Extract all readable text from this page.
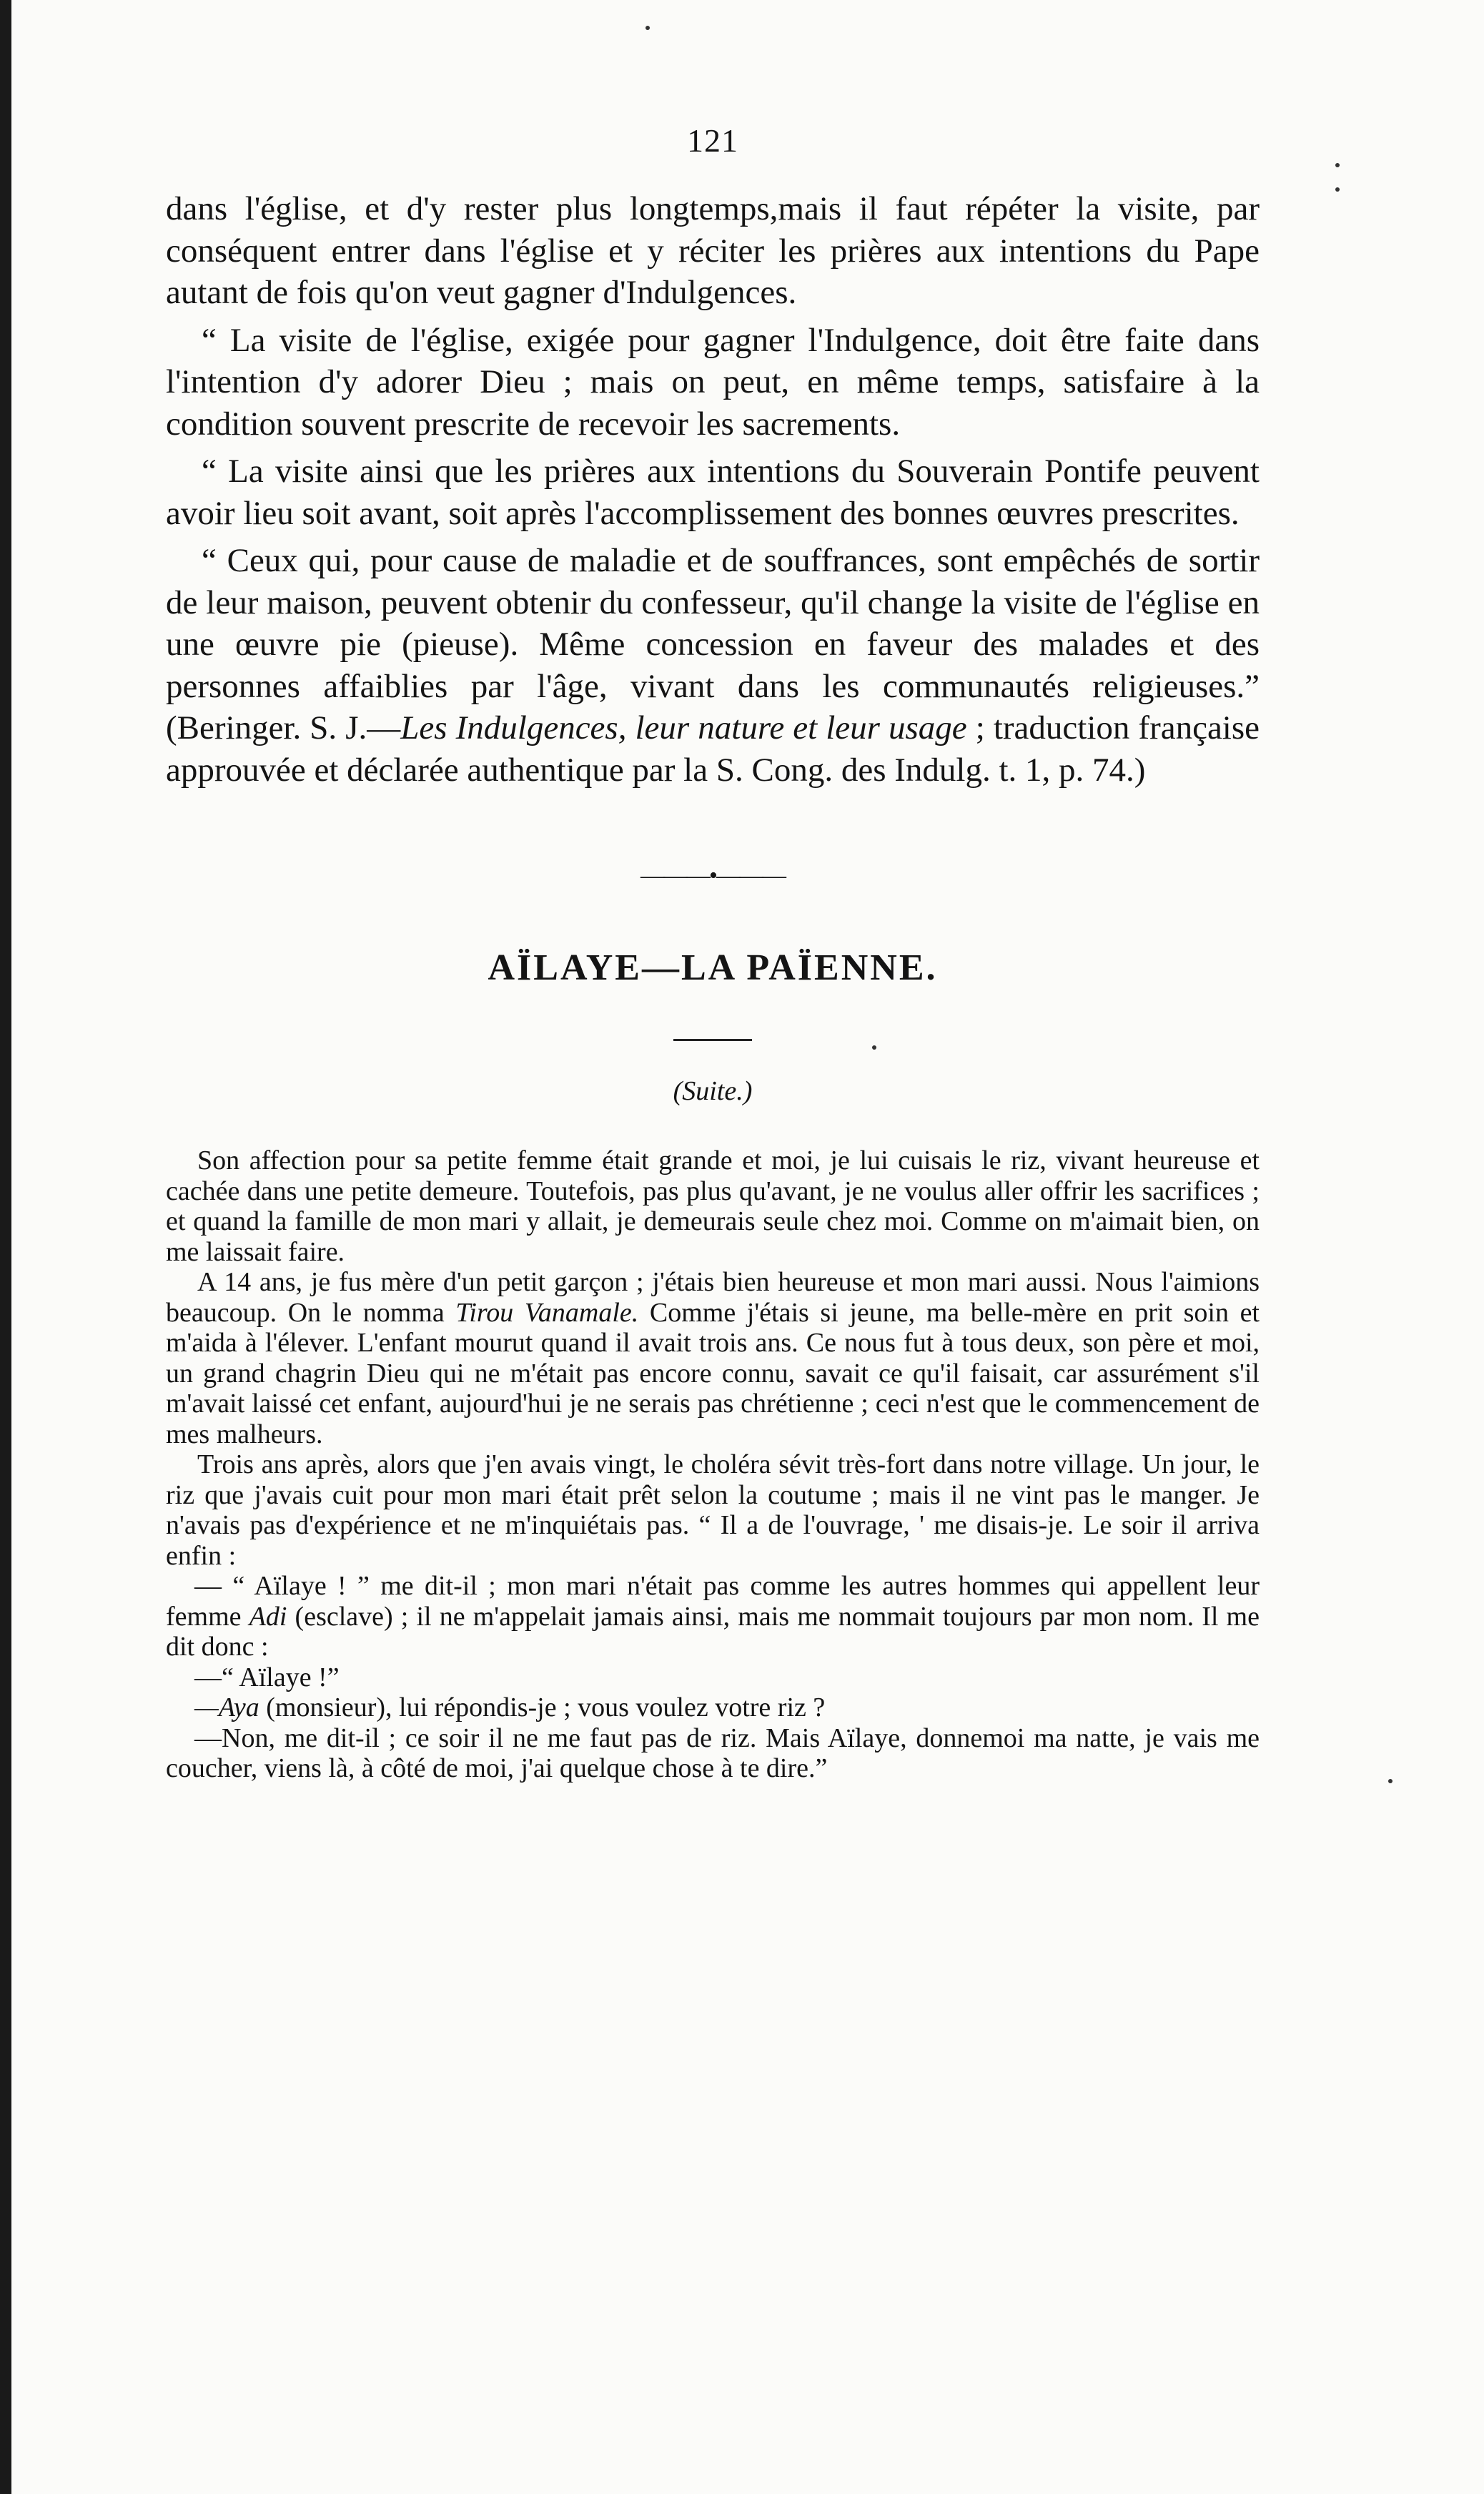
121

dans l'église, et d'y rester plus longtemps,mais il faut répéter la visite, par conséquent entrer dans l'église et y réciter les prières aux intentions du Pape autant de fois qu'on veut gagner d'Indulgences.

“ La visite de l'église, exigée pour gagner l'Indulgence, doit être faite dans l'intention d'y adorer Dieu ; mais on peut, en même temps, satisfaire à la condition souvent prescrite de recevoir les sacrements.

“ La visite ainsi que les prières aux intentions du Souverain Pontife peuvent avoir lieu soit avant, soit après l'accomplissement des bonnes œuvres prescrites.

“ Ceux qui, pour cause de maladie et de souffrances, sont empêchés de sortir de leur maison, peuvent obtenir du confesseur, qu'il change la visite de l'église en une œuvre pie (pieuse). Même concession en faveur des malades et des personnes affaiblies par l'âge, vivant dans les communautés religieuses.” (Beringer. S. J.—Les Indulgences, leur nature et leur usage ; traduction française approuvée et déclarée authentique par la S. Cong. des Indulg. t. 1, p. 74.)

———•———
AÏLAYE—LA PAÏENNE.
(Suite.)

Son affection pour sa petite femme était grande et moi, je lui cuisais le riz, vivant heureuse et cachée dans une petite demeure. Toutefois, pas plus qu'avant, je ne voulus aller offrir les sacrifices ; et quand la famille de mon mari y allait, je demeurais seule chez moi. Comme on m'aimait bien, on me laissait faire.

A 14 ans, je fus mère d'un petit garçon ; j'étais bien heureuse et mon mari aussi. Nous l'aimions beaucoup. On le nomma Tirou Vanamale. Comme j'étais si jeune, ma belle-mère en prit soin et m'aida à l'élever. L'enfant mourut quand il avait trois ans. Ce nous fut à tous deux, son père et moi, un grand chagrin Dieu qui ne m'était pas encore connu, savait ce qu'il faisait, car assurément s'il m'avait laissé cet enfant, aujourd'hui je ne serais pas chrétienne ; ceci n'est que le commencement de mes malheurs.

Trois ans après, alors que j'en avais vingt, le choléra sévit très-fort dans notre village. Un jour, le riz que j'avais cuit pour mon mari était prêt selon la coutume ; mais il ne vint pas le manger. Je n'avais pas d'expérience et ne m'inquiétais pas. “ Il a de l'ouvrage, ' me disais-je. Le soir il arriva enfin :

— “ Aïlaye ! ” me dit-il ; mon mari n'était pas comme les autres hommes qui appellent leur femme Adi (esclave) ; il ne m'appelait jamais ainsi, mais me nommait toujours par mon nom. Il me dit donc :

—“ Aïlaye !”

—Aya (monsieur), lui répondis-je ; vous voulez votre riz ?

—Non, me dit-il ; ce soir il ne me faut pas de riz. Mais Aïlaye, donnemoi ma natte, je vais me coucher, viens là, à côté de moi, j'ai quelque chose à te dire.”
